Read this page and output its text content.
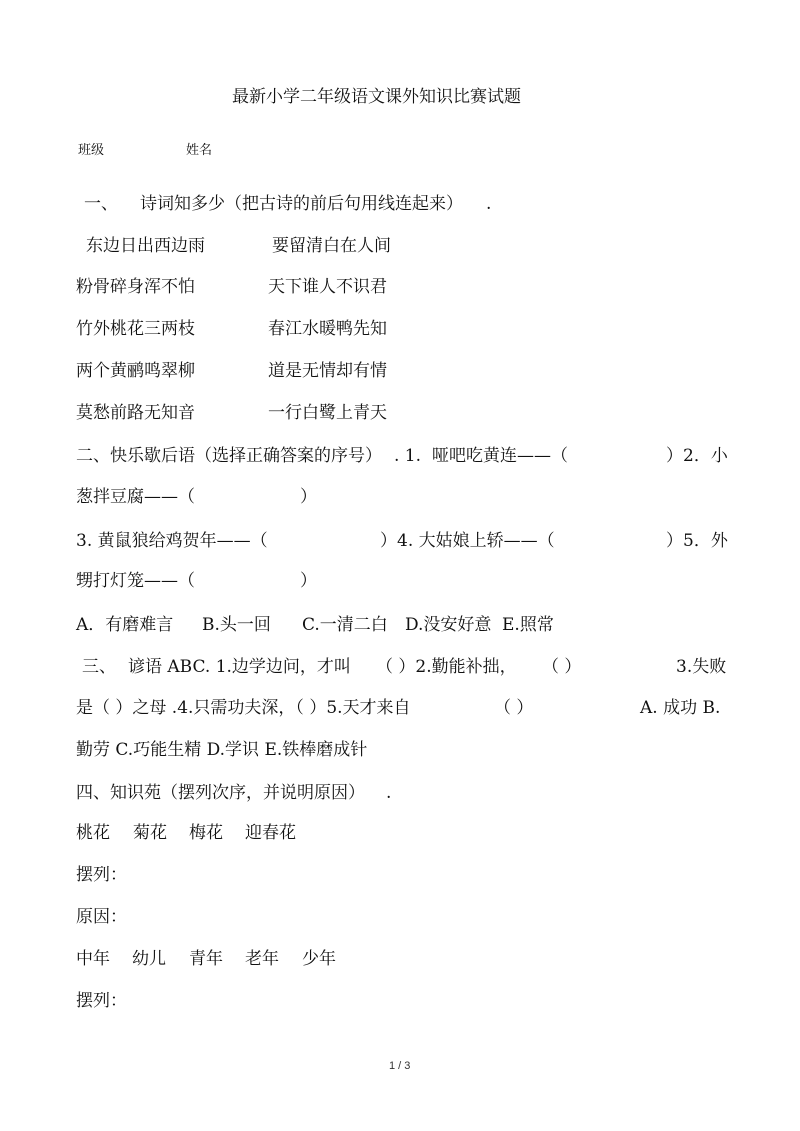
最新小学二年级语文课外知识比赛试题
班级	姓名
一、 诗词知多少（把古诗的前后句用线连起来） .
东边日出西边雨	要留清白在人间
粉骨碎身浑不怕	天下谁人不识君
竹外桃花三两枝	春江水暖鸭先知
两个黄鹂鸣翠柳	道是无情却有情
莫愁前路无知音	一行白鹭上青天
二、快乐歇后语（选择正确答案的序号） . 1. 哑吧吃黄连——（	）2．小
葱拌豆腐——（	）
3. 黄鼠狼给鸡贺年——（	）4. 大姑娘上轿——（	）5．外
甥打灯笼——（	）
A．有磨难言 B.头一回 C.一清二白 D.没安好意 E.照常
三、 谚语 ABC. 1.边学边问，才叫 （ ）2.勤能补拙， （ ）	3.失败
是（ ）之母 .4.只需功夫深，（ ）5.天才来自	（ ）	A. 成功 B.
勤劳 C.巧能生精 D.学识 E.铁棒磨成针
四、知识苑（摆列次序，并说明原因） .
桃花 菊花 梅花 迎春花
摆列：
原因：
中年 幼儿 青年 老年 少年
摆列：
1 / 3
